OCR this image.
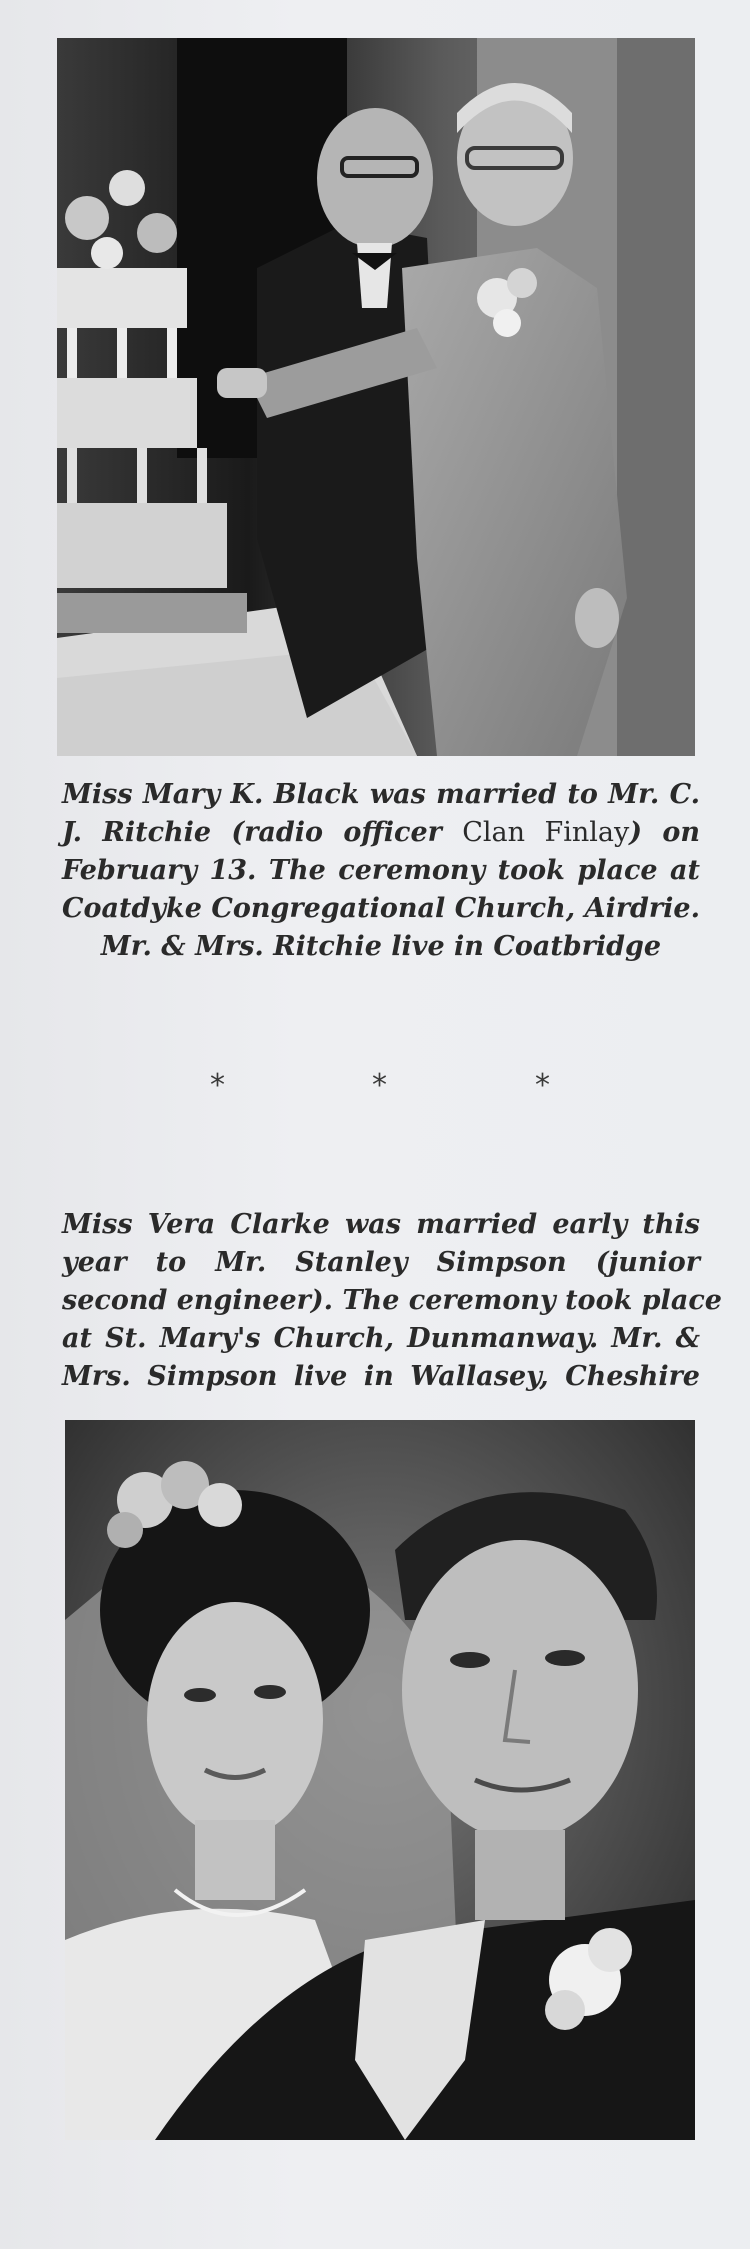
Miss Mary K. Black was married to Mr. C.
J. Ritchie (radio officer Clan Finlay) on
February 13. The ceremony took place at
Coatdyke Congregational Church, Airdrie.
Mr. & Mrs. Ritchie live in Coatbridge
*	*	*
Miss Vera Clarke was married early this
year to Mr. Stanley Simpson (junior
second engineer). The ceremony took place
at St. Mary's Church, Dunmanway. Mr. &
Mrs. Simpson live in Wallasey, Cheshire
